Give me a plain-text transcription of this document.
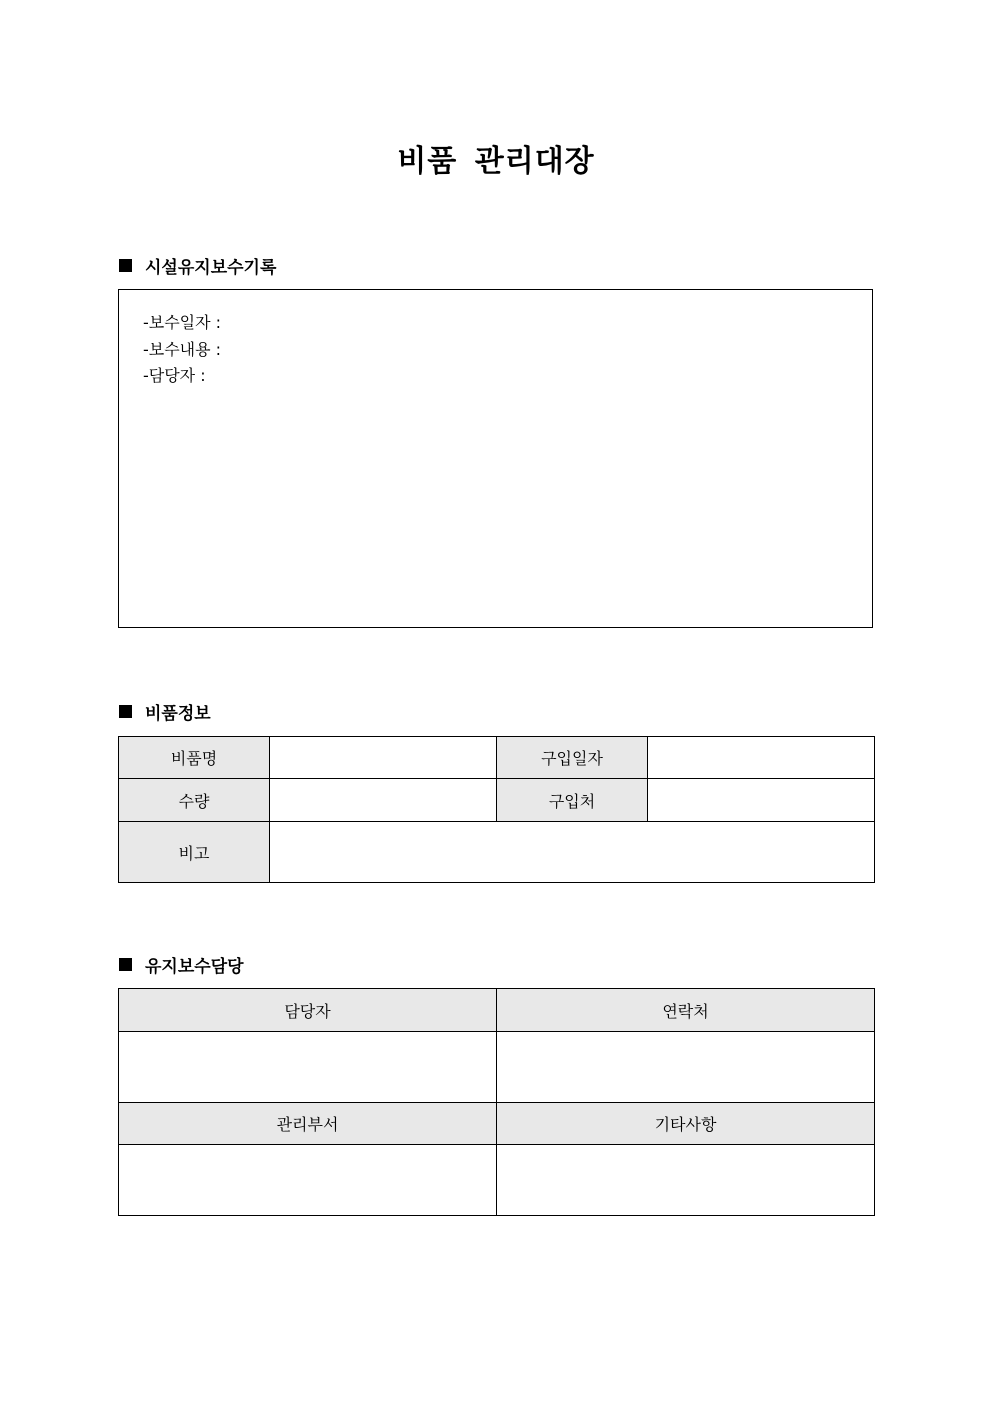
비품 관리대장
시설유지보수기록
-보수일자 :
-보수내용 :
-담당자 :
비품정보
비품명		구입일자	
수량		구입처	
비고			
유지보수담당
담당자	연락처

관리부서	기타사항
